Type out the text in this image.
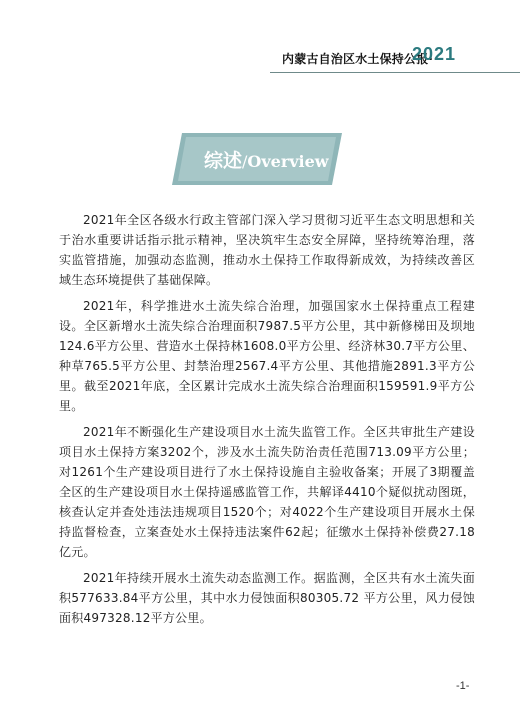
内蒙古自治区水土保持公报·
2021
综述/Overview

2021年全区各级水行政主管部门深入学习贯彻习近平生态文明思想和关于治水重要讲话指示批示精神，坚决筑牢生态安全屏障，坚持统筹治理，落实监管措施，加强动态监测，推动水土保持工作取得新成效，为持续改善区域生态环境提供了基础保障。

2021年，科学推进水土流失综合治理，加强国家水土保持重点工程建设。全区新增水土流失综合治理面积7987.5平方公里，其中新修梯田及坝地124.6平方公里、营造水土保持林1608.0平方公里、经济林30.7平方公里、种草765.5平方公里、封禁治理2567.4平方公里、其他措施2891.3平方公里。截至2021年底，全区累计完成水土流失综合治理面积159591.9平方公里。

2021年不断强化生产建设项目水土流失监管工作。全区共审批生产建设项目水土保持方案3202个，涉及水土流失防治责任范围713.09平方公里；对1261个生产建设项目进行了水土保持设施自主验收备案；开展了3期覆盖全区的生产建设项目水土保持遥感监管工作，共解译4410个疑似扰动图斑，核查认定并查处违法违规项目1520个；对4022个生产建设项目开展水土保持监督检查，立案查处水土保持违法案件62起；征缴水土保持补偿费27.18亿元。

2021年持续开展水土流失动态监测工作。据监测，全区共有水土流失面积577633.84平方公里，其中水力侵蚀面积80305.72 平方公里，风力侵蚀面积497328.12平方公里。

-1-
